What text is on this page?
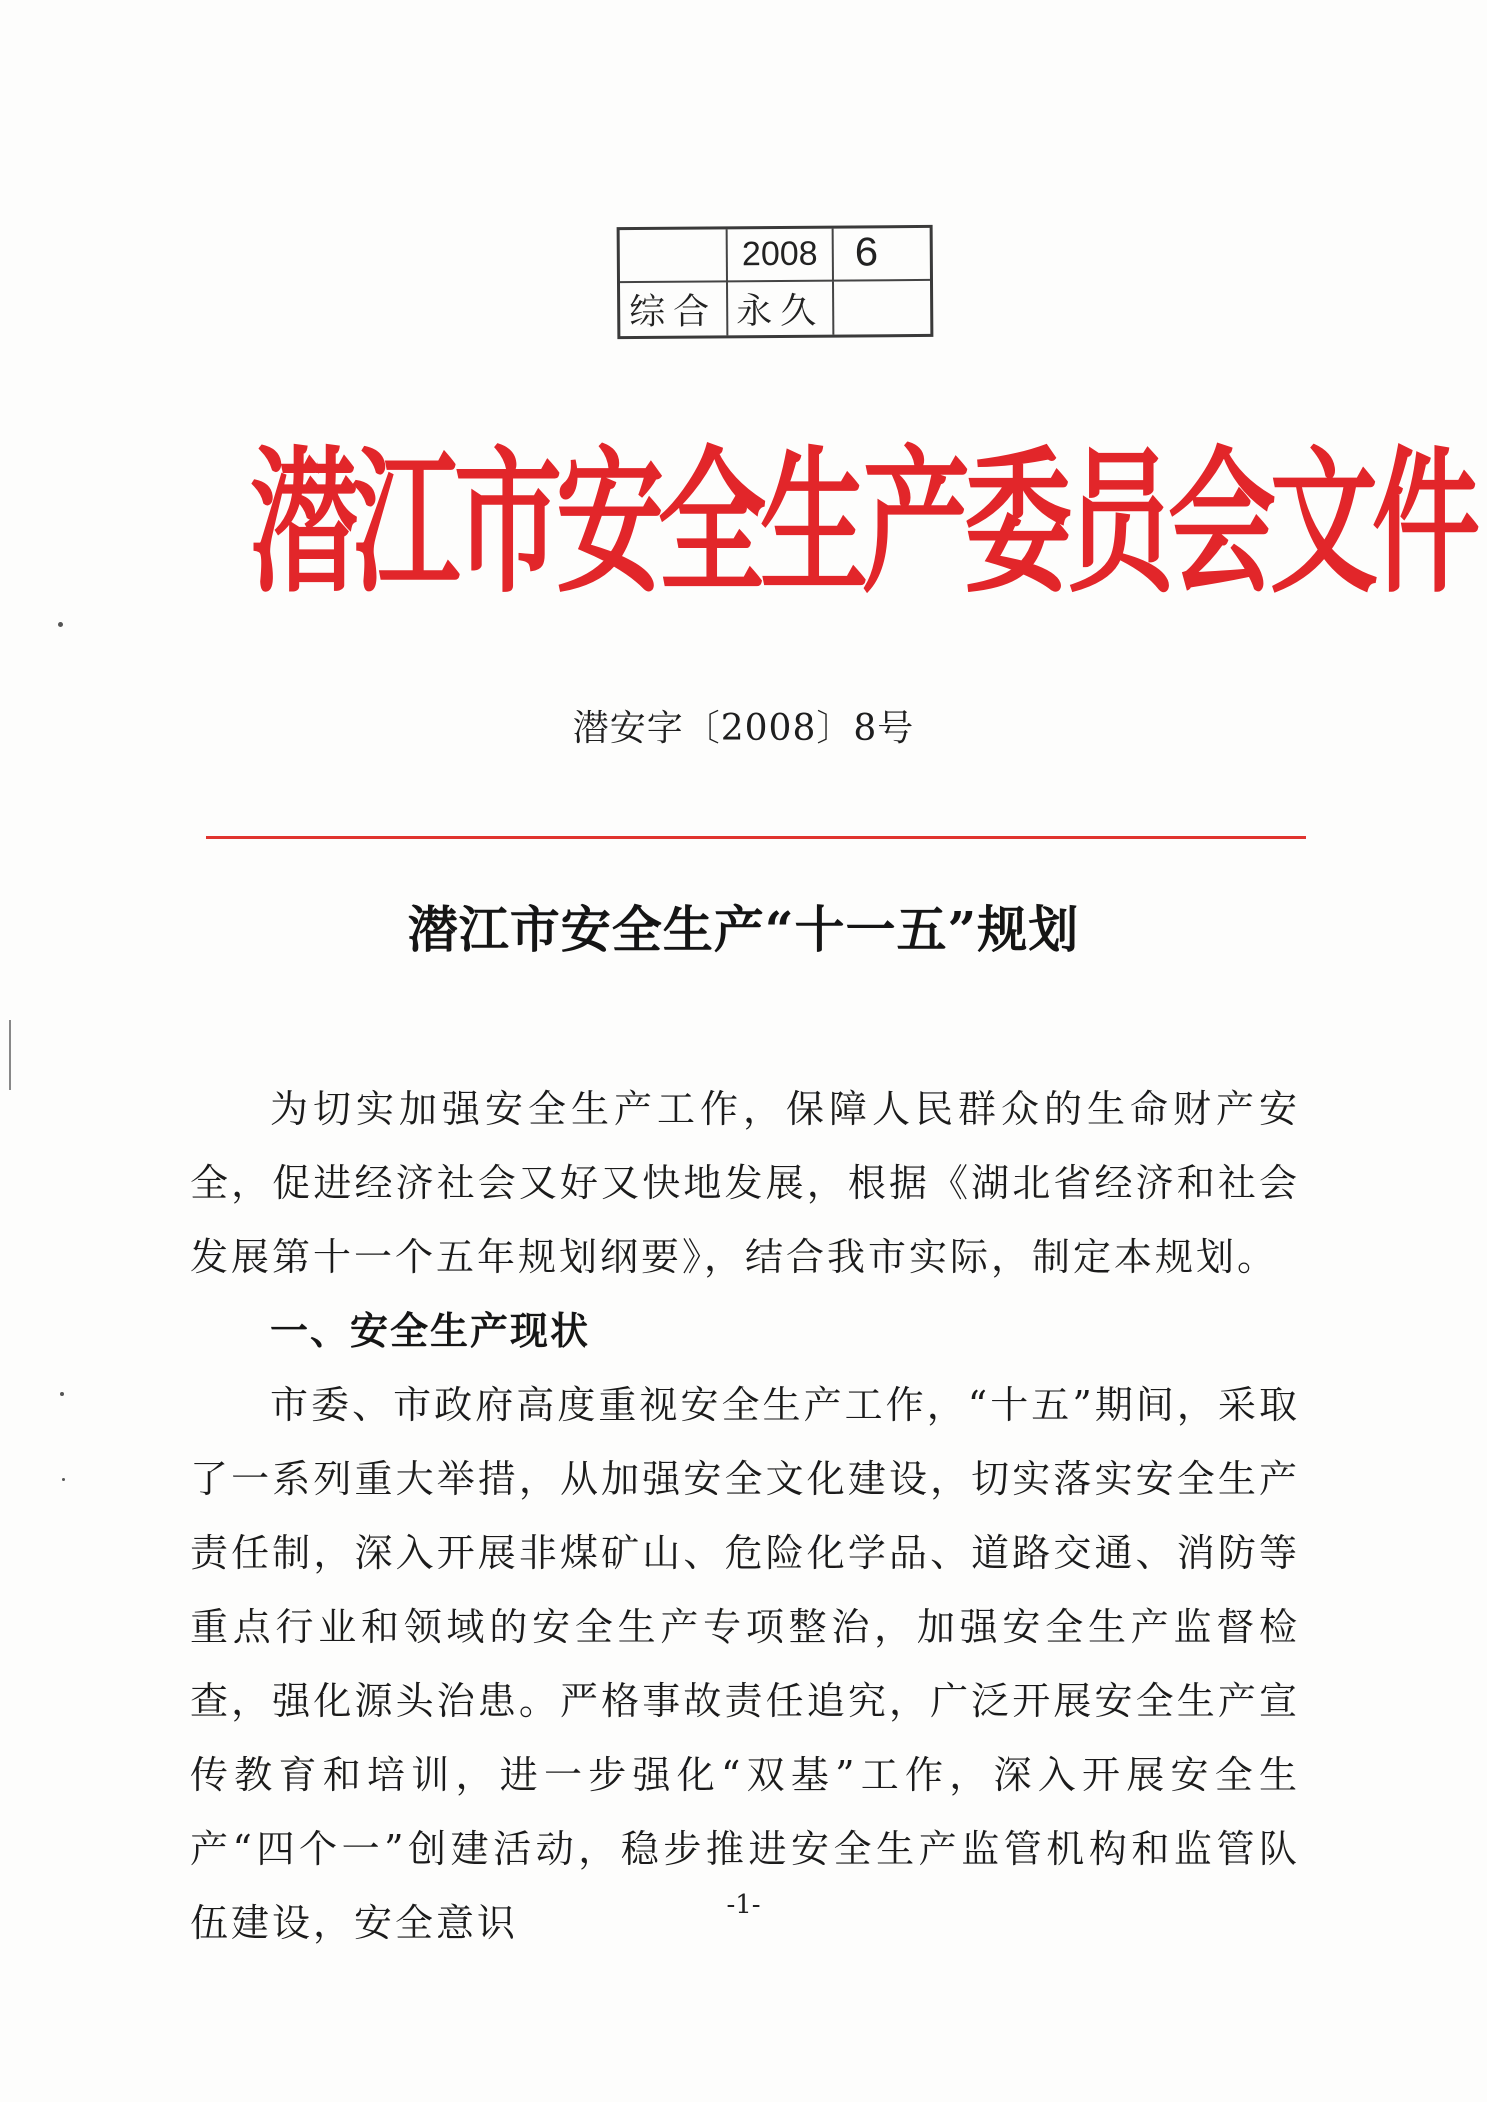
2008 6
综合 永久
潜江市安全生产委员会文件
潜安字〔2008〕8号
潜江市安全生产“十一五”规划

为切实加强安全生产工作，保障人民群众的生命财产安全，促进经济社会又好又快地发展，根据《湖北省经济和社会发展第十一个五年规划纲要》，结合我市实际，制定本规划。

一、安全生产现状

市委、市政府高度重视安全生产工作，“十五”期间，采取了一系列重大举措，从加强安全文化建设，切实落实安全生产责任制，深入开展非煤矿山、危险化学品、道路交通、消防等重点行业和领域的安全生产专项整治，加强安全生产监督检查，强化源头治患。严格事故责任追究，广泛开展安全生产宣传教育和培训，进一步强化“双基”工作，深入开展安全生产“四个一”创建活动，稳步推进安全生产监管机构和监管队伍建设，安全意识	-1-
